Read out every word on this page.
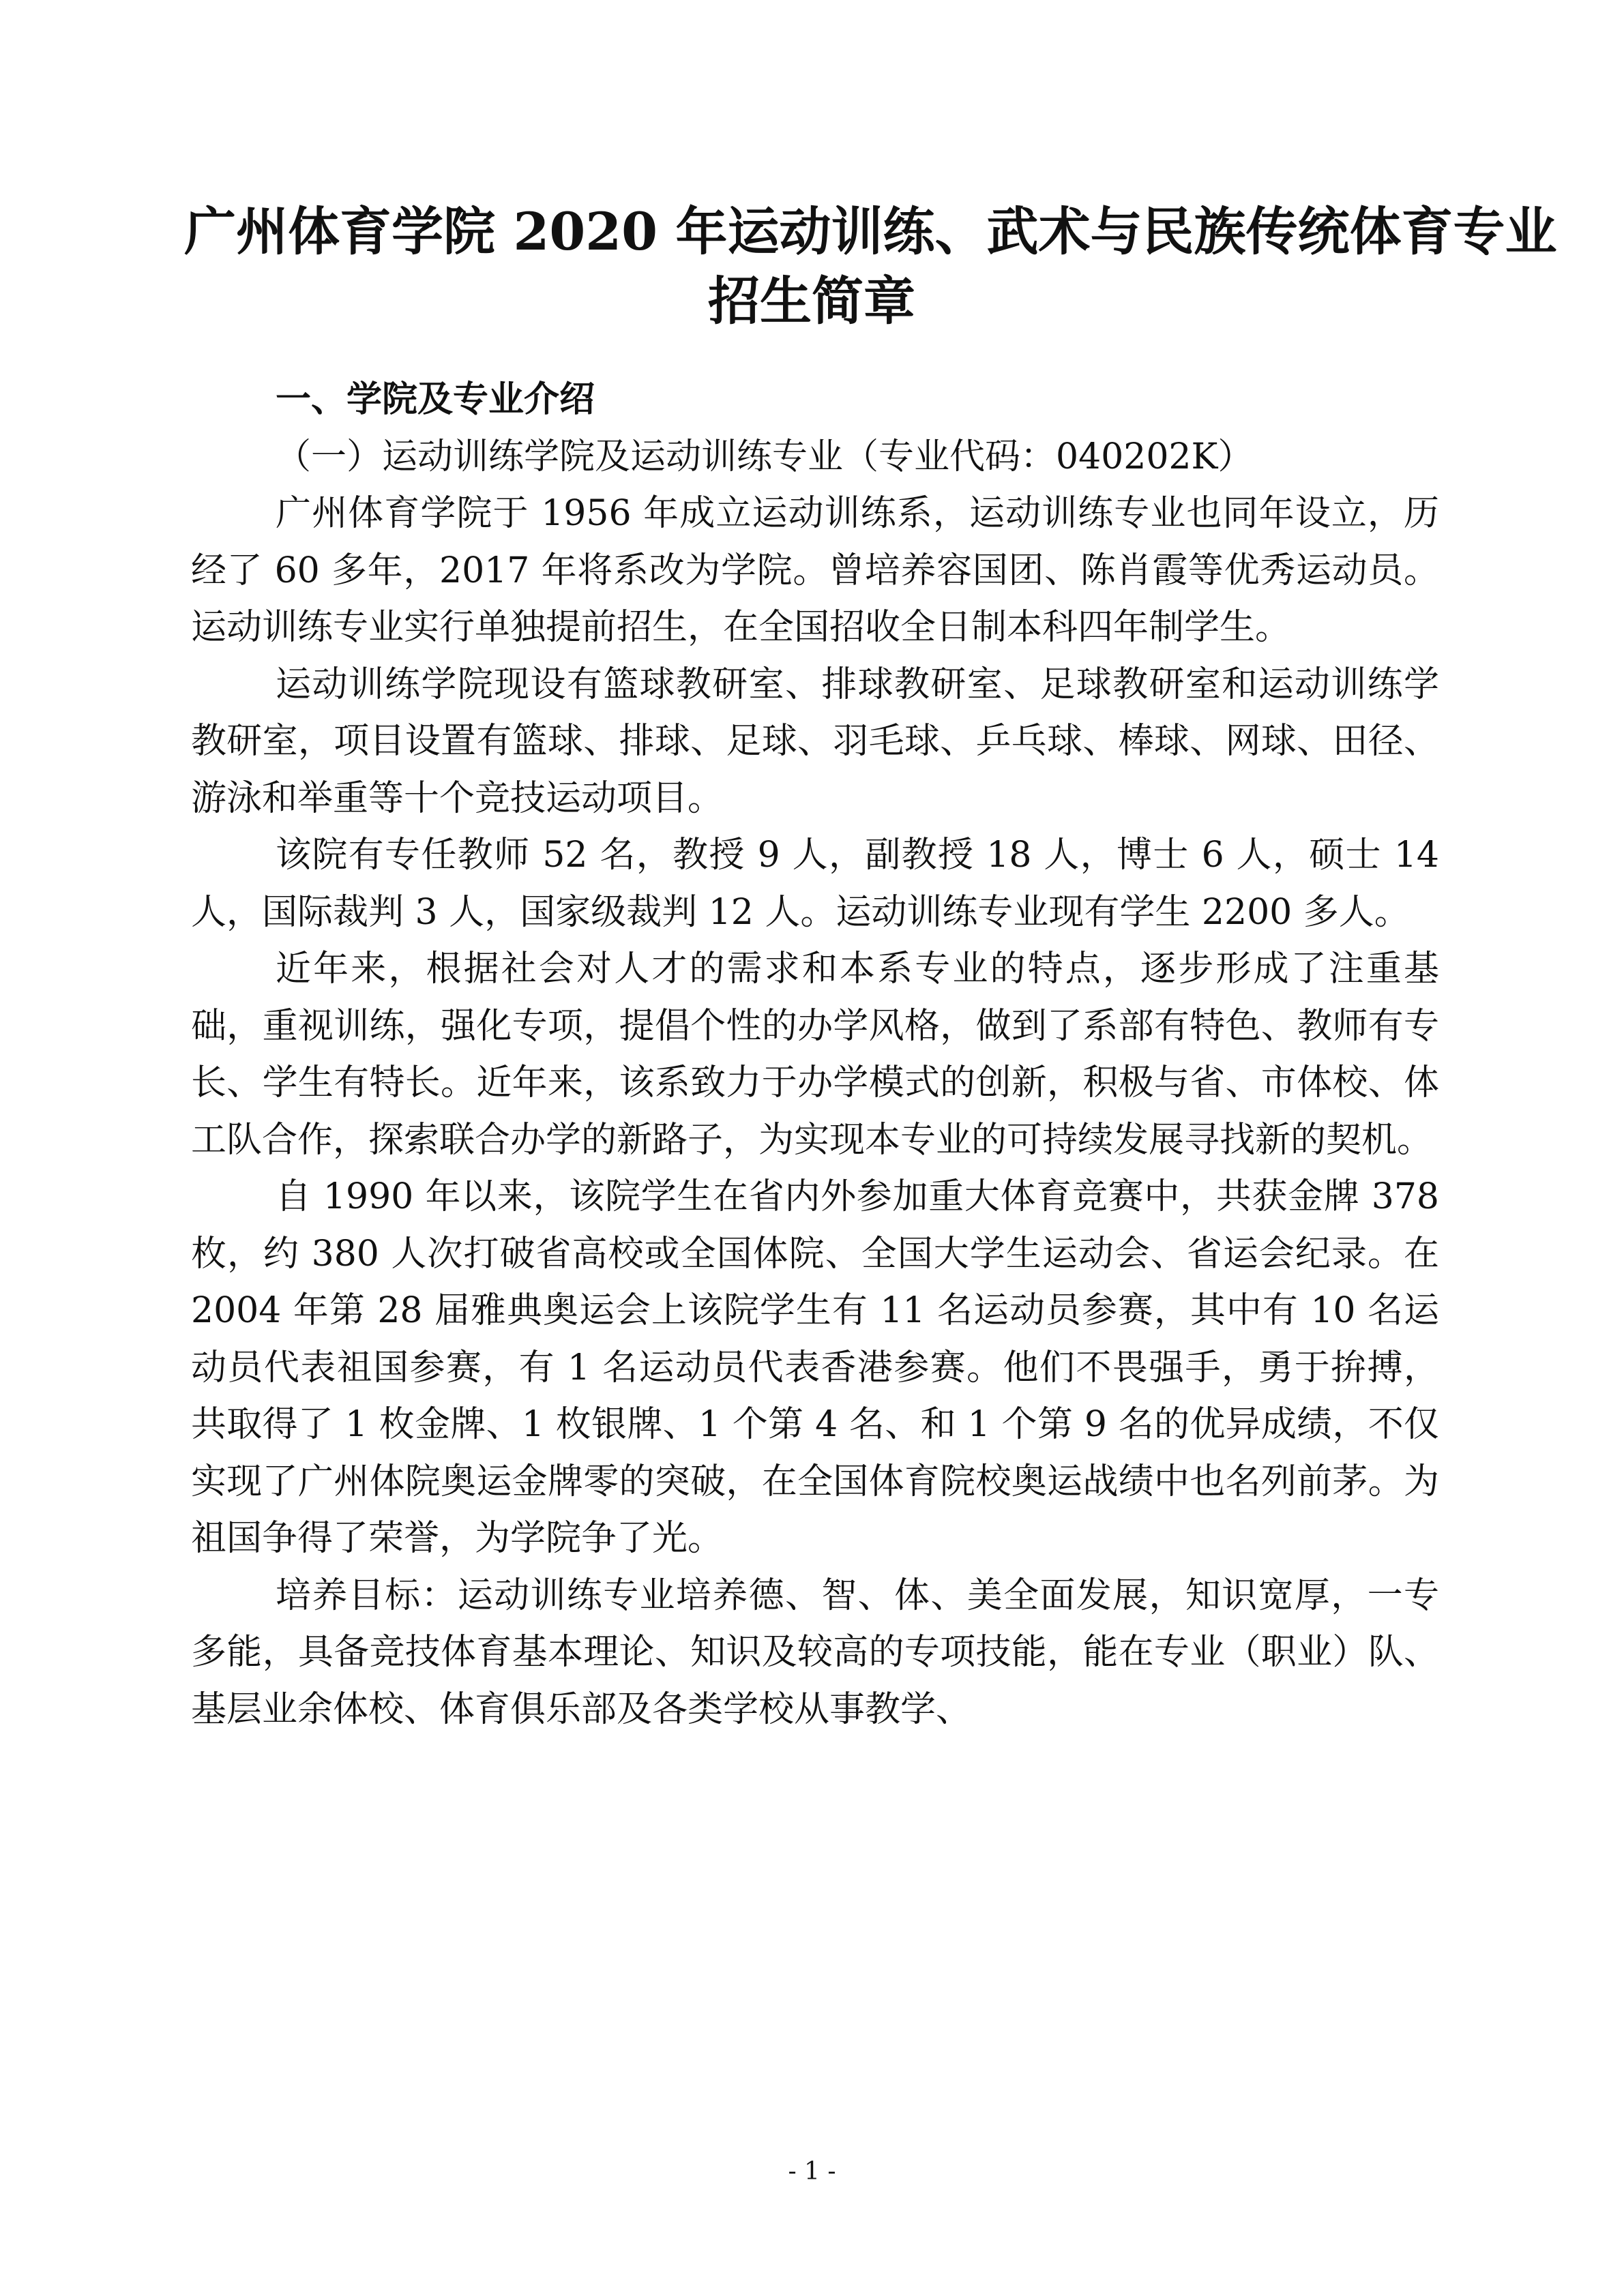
广州体育学院 2020 年运动训练、武术与民族传统体育专业
招生简章

一、学院及专业介绍

（一）运动训练学院及运动训练专业（专业代码：040202K）

广州体育学院于 1956 年成立运动训练系，运动训练专业也同年设立，历经了 60 多年，2017 年将系改为学院。曾培养容国团、陈肖霞等优秀运动员。运动训练专业实行单独提前招生，在全国招收全日制本科四年制学生。

运动训练学院现设有篮球教研室、排球教研室、足球教研室和运动训练学教研室，项目设置有篮球、排球、足球、羽毛球、乒乓球、棒球、网球、田径、游泳和举重等十个竞技运动项目。

该院有专任教师 52 名，教授 9 人，副教授 18 人，博士 6 人，硕士 14 人，国际裁判 3 人，国家级裁判 12 人。运动训练专业现有学生 2200 多人。

近年来，根据社会对人才的需求和本系专业的特点，逐步形成了注重基础，重视训练，强化专项，提倡个性的办学风格，做到了系部有特色、教师有专长、学生有特长。近年来，该系致力于办学模式的创新，积极与省、市体校、体工队合作，探索联合办学的新路子，为实现本专业的可持续发展寻找新的契机。

自 1990 年以来，该院学生在省内外参加重大体育竞赛中，共获金牌 378 枚，约 380 人次打破省高校或全国体院、全国大学生运动会、省运会纪录。在 2004 年第 28 届雅典奥运会上该院学生有 11 名运动员参赛，其中有 10 名运动员代表祖国参赛，有 1 名运动员代表香港参赛。他们不畏强手，勇于拚搏，共取得了 1 枚金牌、1 枚银牌、1 个第 4 名、和 1 个第 9 名的优异成绩，不仅实现了广州体院奥运金牌零的突破，在全国体育院校奥运战绩中也名列前茅。为祖国争得了荣誉，为学院争了光。

培养目标：运动训练专业培养德、智、体、美全面发展，知识宽厚，一专多能，具备竞技体育基本理论、知识及较高的专项技能，能在专业（职业）队、基层业余体校、体育俱乐部及各类学校从事教学、

- 1 -
